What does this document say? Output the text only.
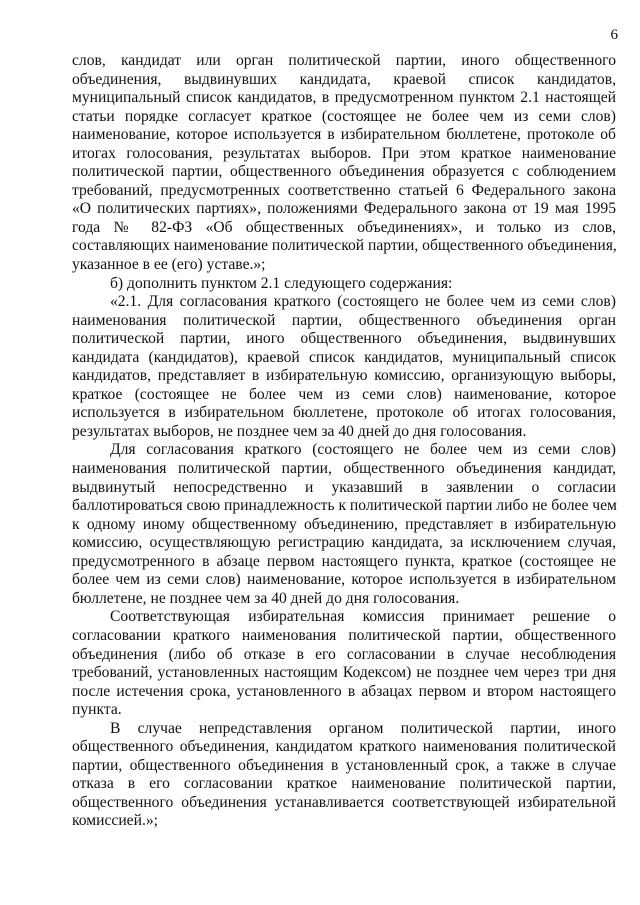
6
слов, кандидат или орган политической партии, иного общественного
объединения, выдвинувших кандидата, краевой список кандидатов,
муниципальный список кандидатов, в предусмотренном пунктом 2.1 настоящей
статьи порядке согласует краткое (состоящее не более чем из семи слов)
наименование, которое используется в избирательном бюллетене, протоколе об
итогах голосования, результатах выборов. При этом краткое наименование
политической партии, общественного объединения образуется с соблюдением
требований, предусмотренных соответственно статьей 6 Федерального закона
«О политических партиях», положениями Федерального закона от 19 мая 1995
года № 82-ФЗ «Об общественных объединениях», и только из слов,
составляющих наименование политической партии, общественного объединения,
указанное в ее (его) уставе.»;
б) дополнить пунктом 2.1 следующего содержания:
«2.1. Для согласования краткого (состоящего не более чем из семи слов)
наименования политической партии, общественного объединения орган
политической партии, иного общественного объединения, выдвинувших
кандидата (кандидатов), краевой список кандидатов, муниципальный список
кандидатов, представляет в избирательную комиссию, организующую выборы,
краткое (состоящее не более чем из семи слов) наименование, которое
используется в избирательном бюллетене, протоколе об итогах голосования,
результатах выборов, не позднее чем за 40 дней до дня голосования.
Для согласования краткого (состоящего не более чем из семи слов)
наименования политической партии, общественного объединения кандидат,
выдвинутый непосредственно и указавший в заявлении о согласии
баллотироваться свою принадлежность к политической партии либо не более чем
к одному иному общественному объединению, представляет в избирательную
комиссию, осуществляющую регистрацию кандидата, за исключением случая,
предусмотренного в абзаце первом настоящего пункта, краткое (состоящее не
более чем из семи слов) наименование, которое используется в избирательном
бюллетене, не позднее чем за 40 дней до дня голосования.
Соответствующая избирательная комиссия принимает решение о
согласовании краткого наименования политической партии, общественного
объединения (либо об отказе в его согласовании в случае несоблюдения
требований, установленных настоящим Кодексом) не позднее чем через три дня
после истечения срока, установленного в абзацах первом и втором настоящего
пункта.
В случае непредставления органом политической партии, иного
общественного объединения, кандидатом краткого наименования политической
партии, общественного объединения в установленный срок, а также в случае
отказа в его согласовании краткое наименование политической партии,
общественного объединения устанавливается соответствующей избирательной
комиссией.»;
